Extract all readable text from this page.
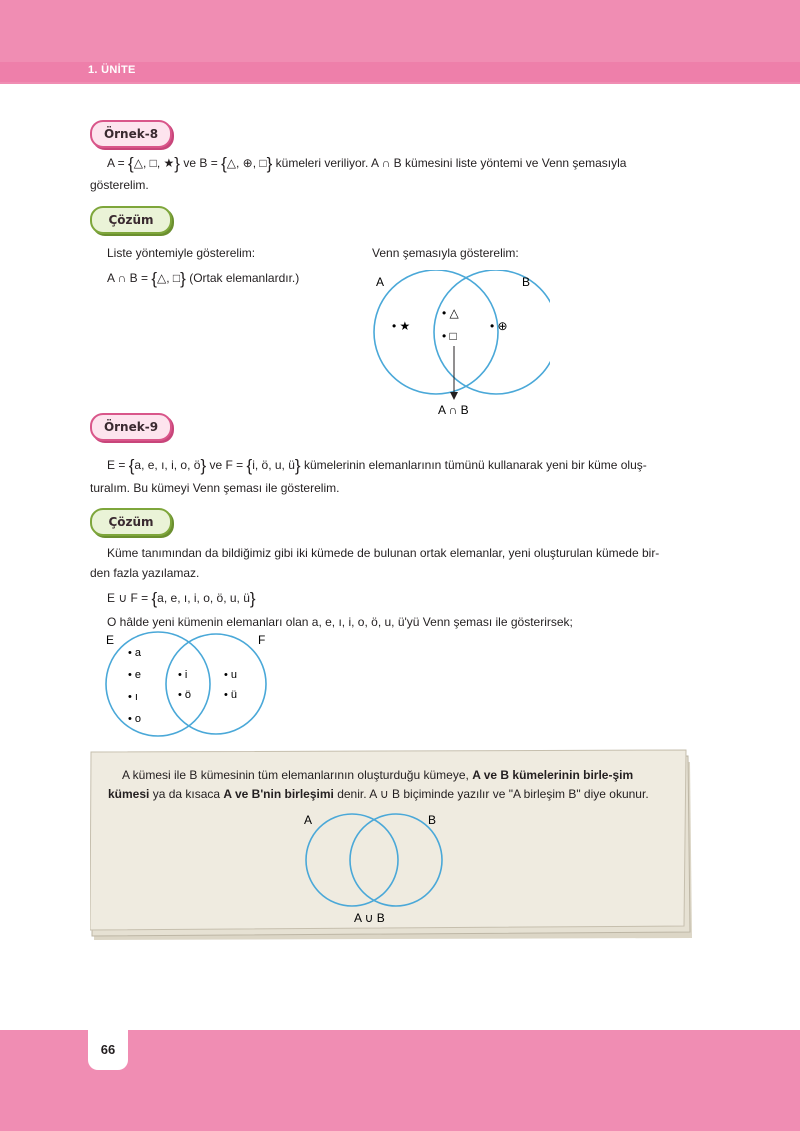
1. ÜNİTE
Örnek-8
A = {△, □, ★} ve B = {△, ⊕, □} kümeleri veriliyor. A ∩ B kümesini liste yöntemi ve Venn şemasıyla
gösterelim.
Çözüm
Liste yöntemiyle gösterelim:
A ∩ B = {△, □} (Ortak elemanlardır.)
Venn şemasıyla gösterelim:
A	B
• ★
• △
• □
• ⊕
A ∩ B
Örnek-9
E = {a, e, ı, i, o, ö} ve F = {i, ö, u, ü} kümelerinin elemanlarının tümünü kullanarak yeni bir küme oluş-
turalım. Bu kümeyi Venn şeması ile gösterelim.
Çözüm
Küme tanımından da bildiğimiz gibi iki kümede de bulunan ortak elemanlar, yeni oluşturulan kümede bir-
den fazla yazılamaz.
E ∪ F = {a, e, ı, i, o, ö, u, ü}
O hâlde yeni kümenin elemanları olan a, e, ı, i, o, ö, u, ü'yü Venn şeması ile gösterirsek;
E	F
• a
• e
• ı
• o
• i
• ö
• u
• ü
A kümesi ile B kümesinin tüm elemanlarının oluşturduğu kümeye, A ve B kümelerinin birle-şim kümesi ya da kısaca A ve B'nin birleşimi denir. A ∪ B biçiminde yazılır ve "A birleşim B" diye okunur.
A	B
A ∪ B
66
